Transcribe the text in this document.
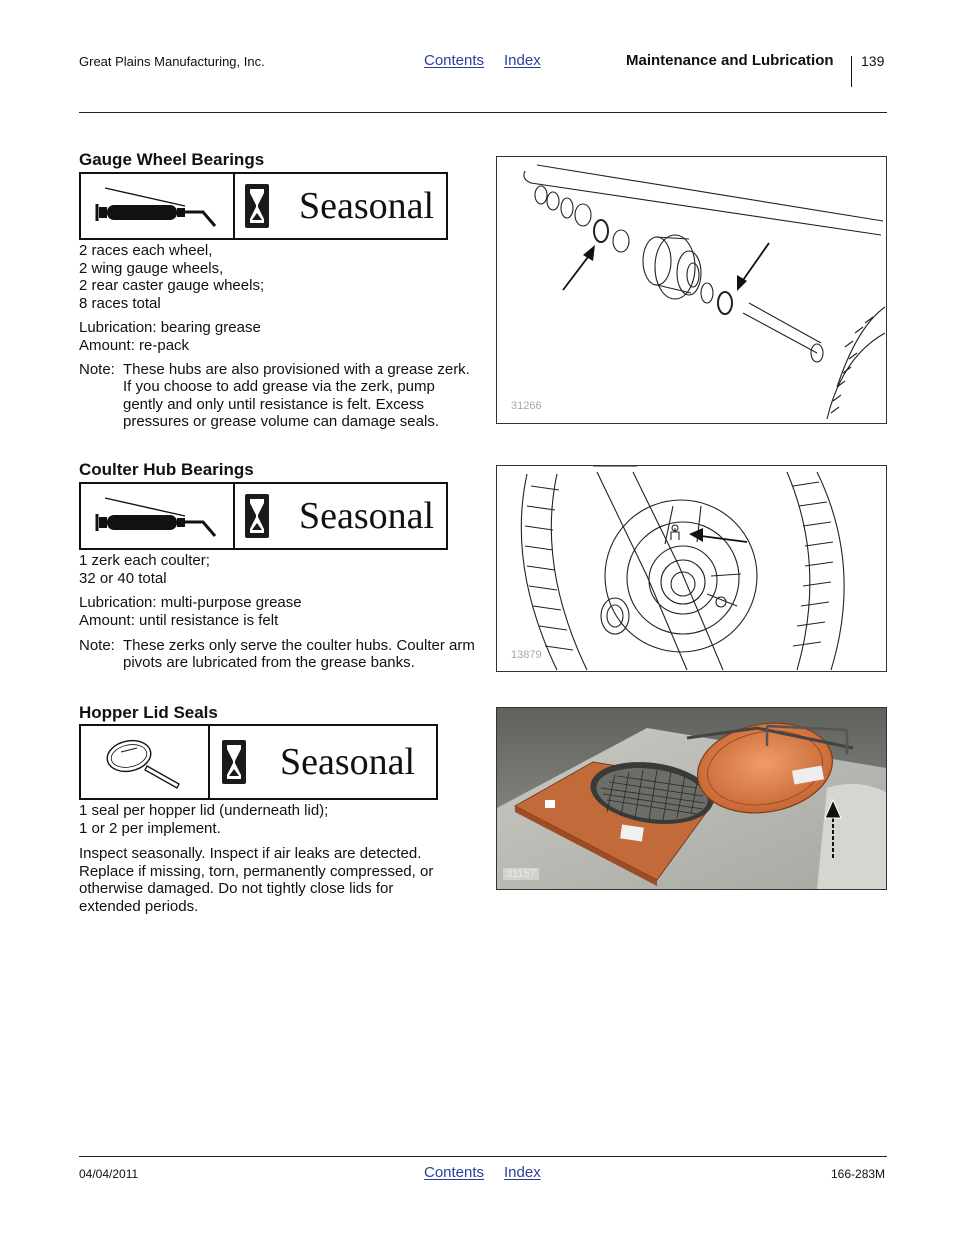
Great Plains Manufacturing, Inc.	Contents Index	Maintenance and Lubrication 139
Gauge Wheel Bearings
Seasonal

2 races each wheel,

2 wing gauge wheels,

2 rear caster gauge wheels;

8 races total

Lubrication: bearing grease

Amount: re-pack

Note: These hubs are also provisioned with a grease zerk. If you choose to add grease via the zerk, pump gently and only until resistance is felt. Excess pressures or grease volume can damage seals.
31266
Coulter Hub Bearings
Seasonal

1 zerk each coulter;

32 or 40 total

Lubrication: multi-purpose grease

Amount: until resistance is felt

Note: These zerks only serve the coulter hubs. Coulter arm pivots are lubricated from the grease banks.	13879
Hopper Lid Seals
Seasonal

1 seal per hopper lid (underneath lid);

1 or 2 per implement.

Inspect seasonally. Inspect if air leaks are detected. Replace if missing, torn, permanently compressed, or otherwise damaged. Do not tightly close lids for extended periods.

31157
04/04/2011	Contents Index	166-283M
